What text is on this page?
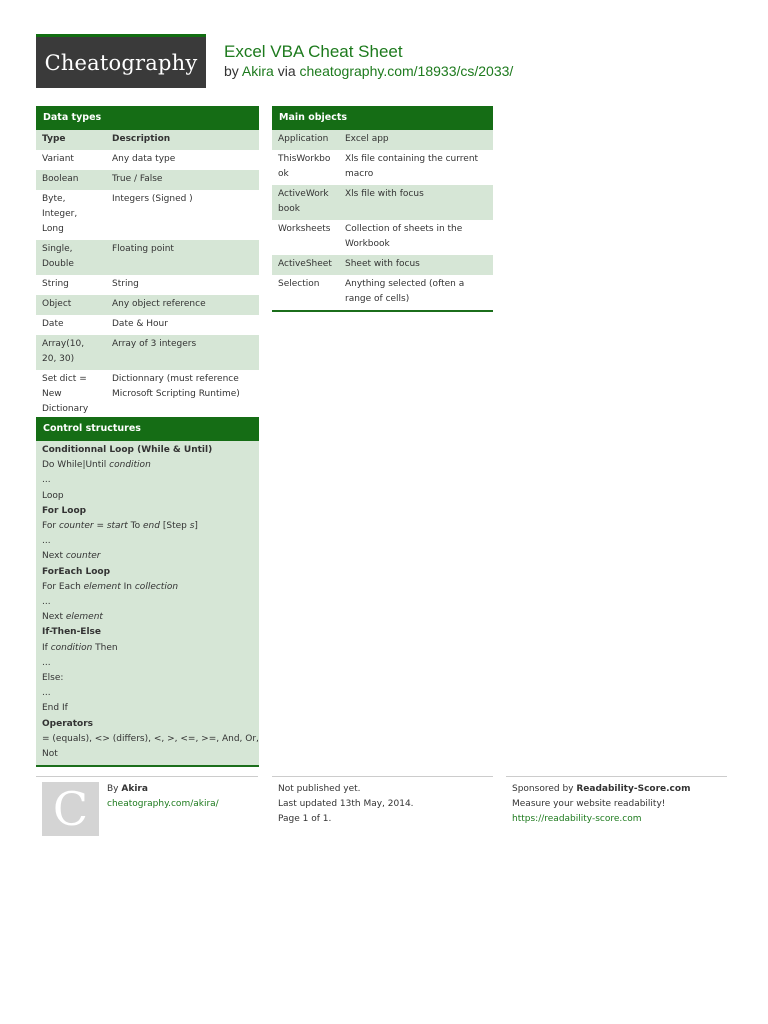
Cheatography Excel VBA Cheat Sheet
by Akira via cheatography.com/18933/cs/2033/
Data types
Type	Description
Variant	Any data type
Boolean	True / False
Byte, Integer, Long	Integers (Signed )
Single, Double	Floating point
String	String
Object	Any object reference
Date	Date & Hour
Array(10, 20, 30)	Array of 3 integers
Set dict = New Dictionary	Dictionnary (must reference Microsoft Scripting Runtime)
Main objects
Application	Excel app
ThisWorkbook	Xls file containing the current macro
ActiveWorkbook	Xls file with focus
Worksheets	Collection of sheets in the Workbook
ActiveSheet	Sheet with focus
Selection	Anything selected (often a range of cells)
Control structures
Conditionnal Loop (While & Until)
Do While|Until condition
...
Loop
For Loop
For counter = start To end [Step s]
...
Next counter
ForEach Loop
For Each element In collection
...
Next element
If-Then-Else
If condition Then
...
Else:
...
End If
Operators
= (equals), <> (differs), <, >, <=, >=, And, Or,
Not
C By Akira
cheatography.com/akira/
Not published yet.
Last updated 13th May, 2014.
Page 1 of 1.
Sponsored by Readability-Score.com
Measure your website readability!
https://readability-score.com
